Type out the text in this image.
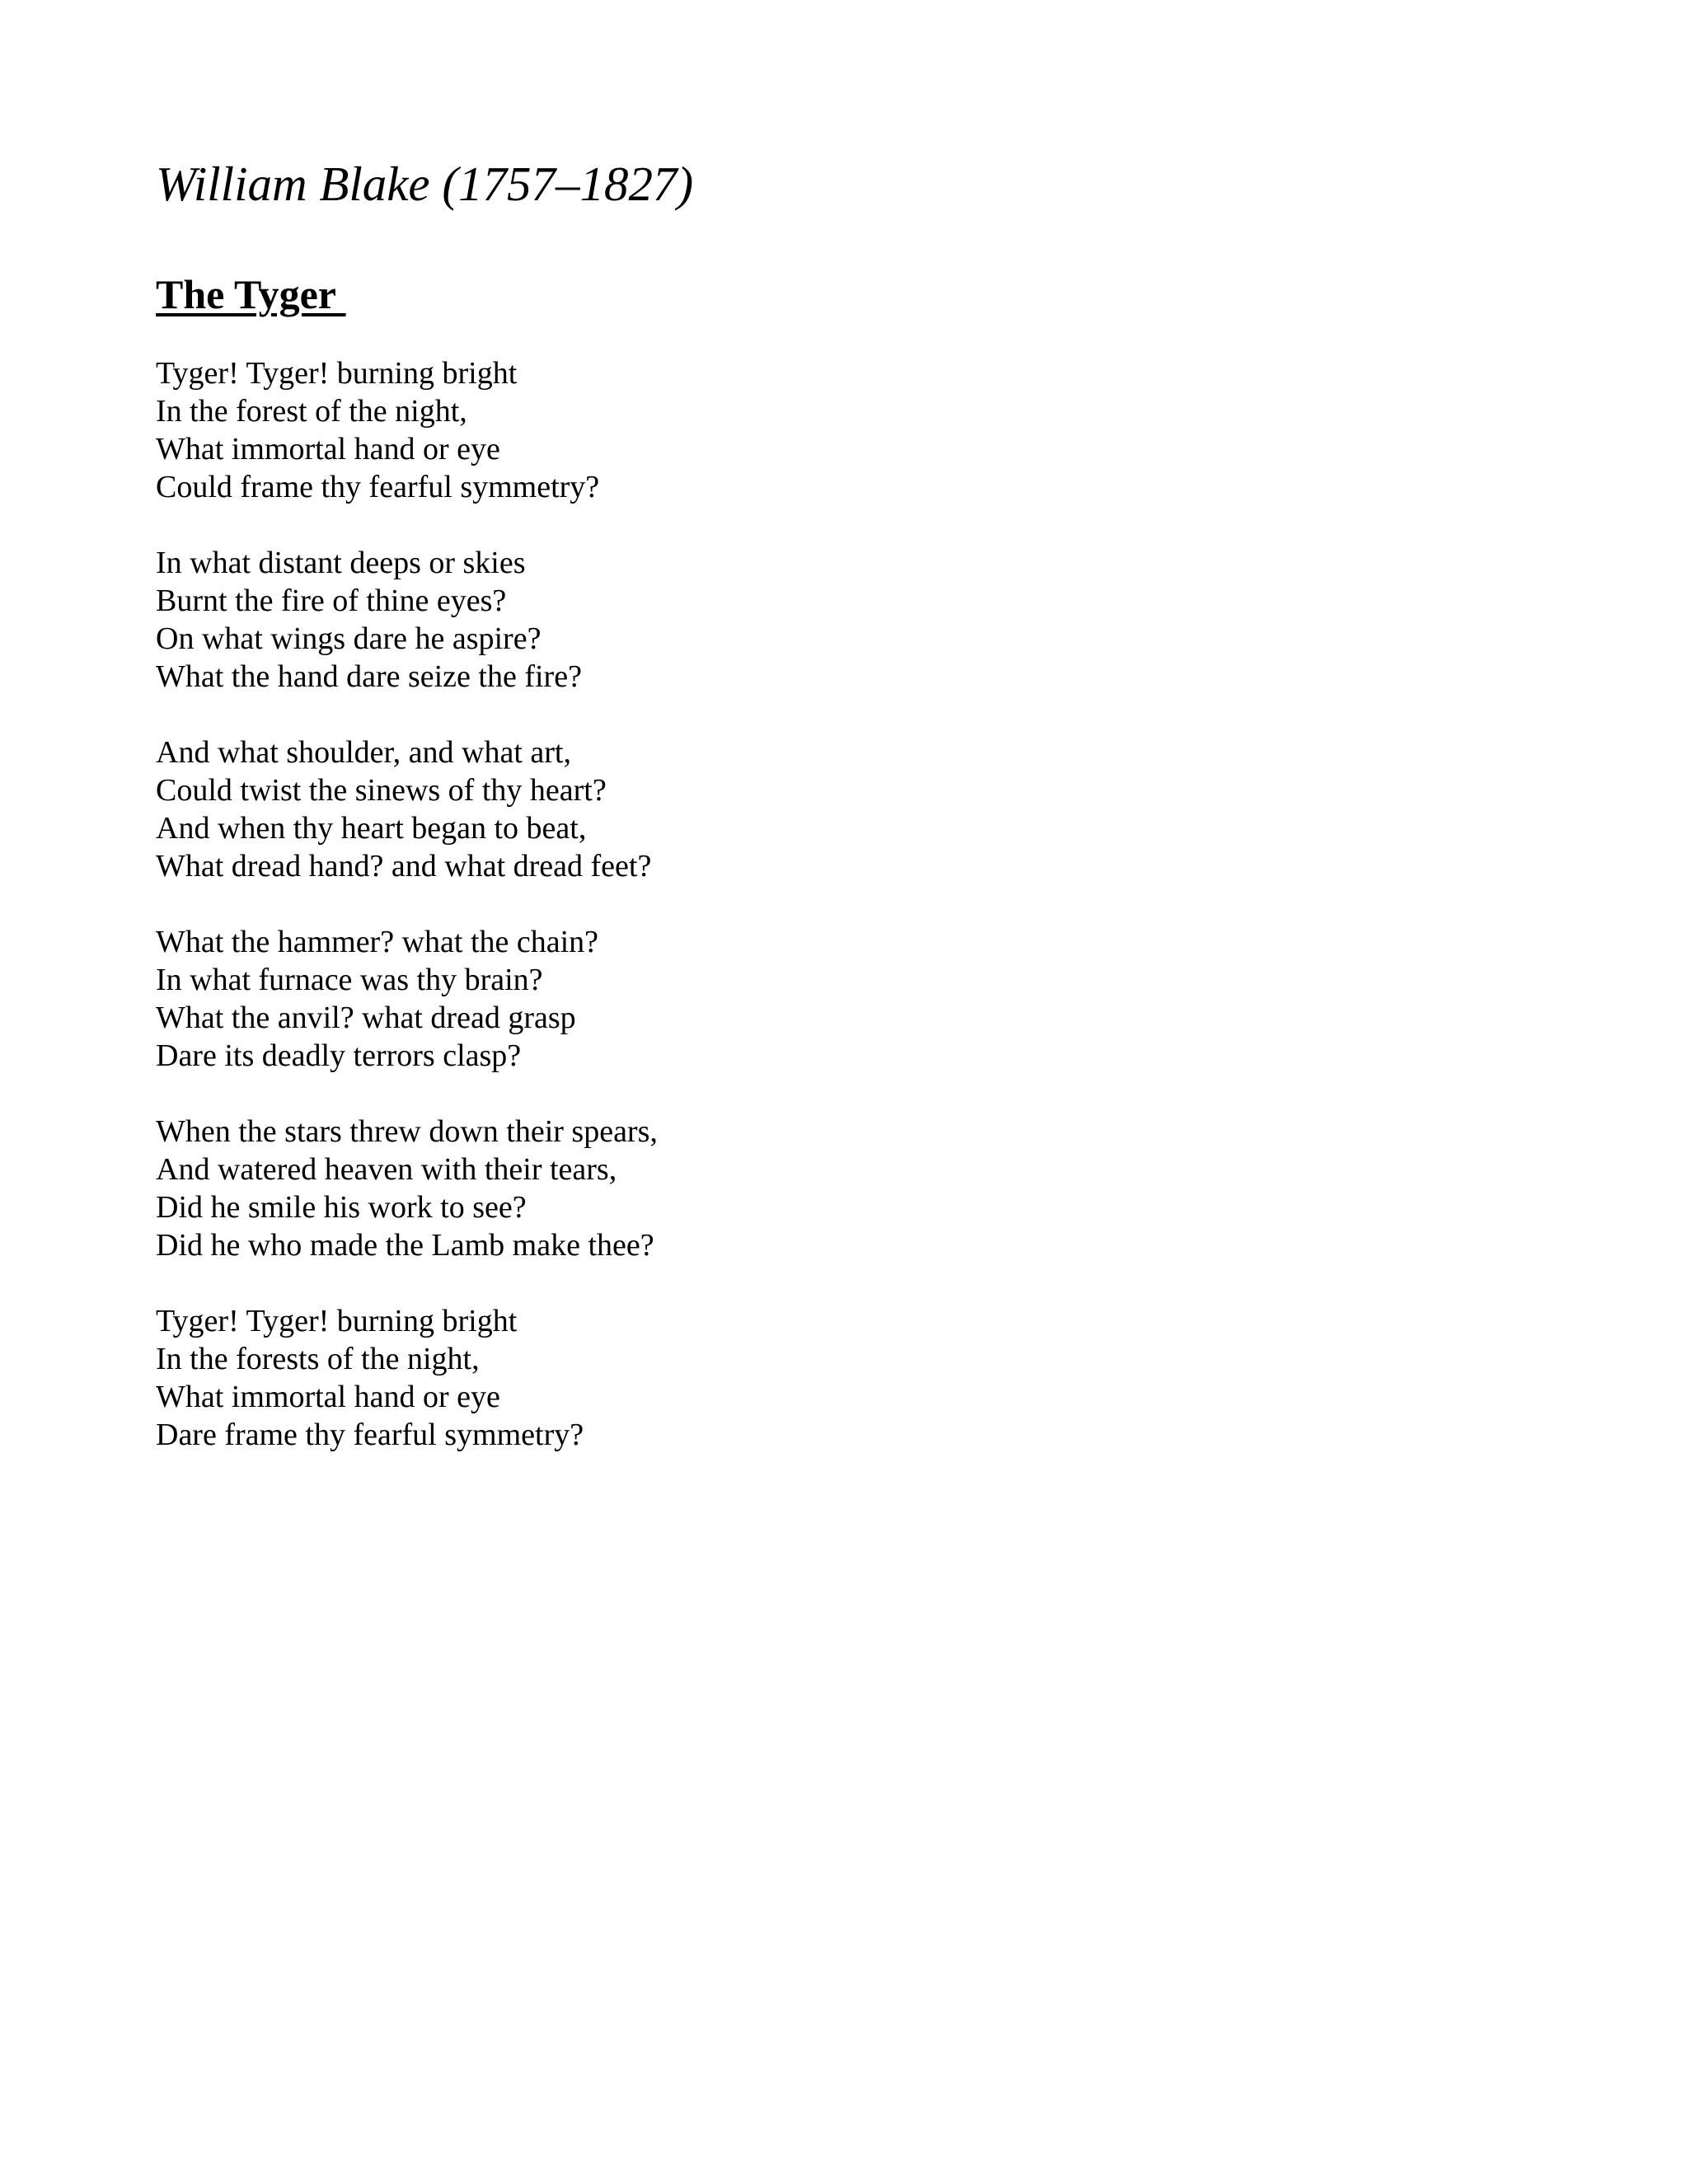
William Blake (1757–1827)
The Tyger

Tyger! Tyger! burning bright
In the forest of the night,
What immortal hand or eye
Could frame thy fearful symmetry?

In what distant deeps or skies
Burnt the fire of thine eyes?
On what wings dare he aspire?
What the hand dare seize the fire?

And what shoulder, and what art,
Could twist the sinews of thy heart?
And when thy heart began to beat,
What dread hand? and what dread feet?

What the hammer? what the chain?
In what furnace was thy brain?
What the anvil? what dread grasp
Dare its deadly terrors clasp?

When the stars threw down their spears,
And watered heaven with their tears,
Did he smile his work to see?
Did he who made the Lamb make thee?

Tyger! Tyger! burning bright
In the forests of the night,
What immortal hand or eye
Dare frame thy fearful symmetry?
